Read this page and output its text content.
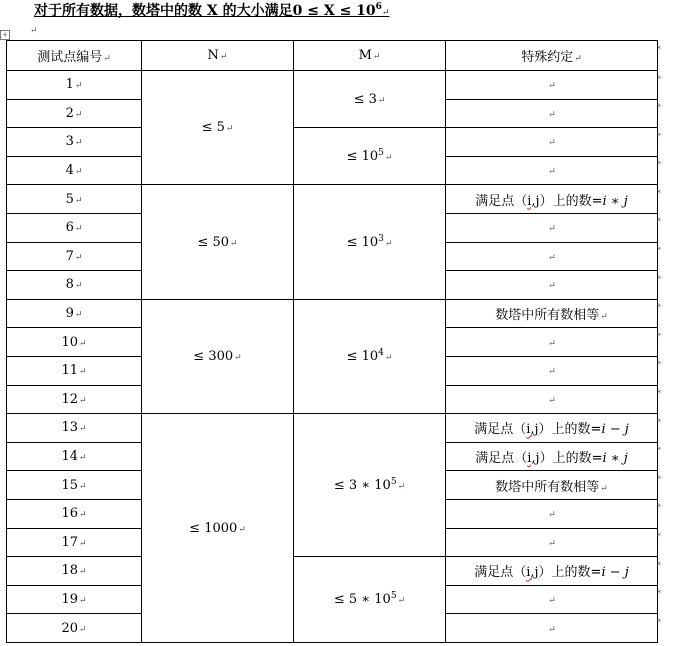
对于所有数据，数塔中的数 X 的大小满足$0 \le X \le 10^6↵$
+ ↵
测试点编号↵	N↵	M↵	特殊约定↵
1↵	≤ 5↵	≤ 3↵	↵
2↵			↵
3↵		≤ $10^5↵$	↵
4↵			↵
5↵	≤ 50↵	≤ $10^3↵$	满足点（i,j）上的数=i ∗ j
6↵			↵
7↵			↵
8↵			↵
9↵	≤ 300↵	≤ $10^4↵$	数塔中所有数相等↵
10↵			↵
11↵			↵
12↵			↵
13↵	≤ 1000↵	≤ 3 ∗ $10^5↵$	满足点（i,j）上的数=i − j
14↵			满足点（i,j）上的数=i ∗ j
15↵			数塔中所有数相等↵
16↵			↵
17↵			↵
18↵		≤ 5 ∗ $10^5↵$	满足点（i,j）上的数=i − j
19↵			↵
20↵			↵
*
*
*
*
*
*
*
*
*
*
*
*
*
*
*
*
*
*
*
*
*
